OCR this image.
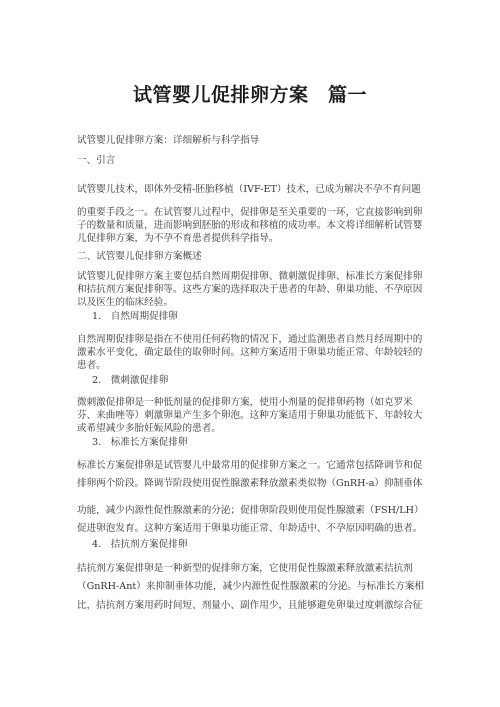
试管婴儿促排卵方案　篇一
试管婴儿促排卵方案：详细解析与科学指导
一、引言
试管婴儿技术，即体外受精-胚胎移植（IVF-ET）技术，已成为解决不孕不育问题
的重要手段之一。在试管婴儿过程中，促排卵是至关重要的一环，它直接影响到卵
子的数量和质量，进而影响到胚胎的形成和移植的成功率。本文将详细解析试管婴
儿促排卵方案，为不孕不育患者提供科学指导。
二、试管婴儿促排卵方案概述
试管婴儿促排卵方案主要包括自然周期促排卵、微刺激促排卵、标准长方案促排卵
和拮抗剂方案促排卵等。这些方案的选择取决于患者的年龄、卵巢功能、不孕原因
以及医生的临床经验。
1.　自然周期促排卵
自然周期促排卵是指在不使用任何药物的情况下，通过监测患者自然月经周期中的
激素水平变化，确定最佳的取卵时间。这种方案适用于卵巢功能正常、年龄较轻的
患者。
2.　微刺激促排卵
微刺激促排卵是一种低剂量的促排卵方案，使用小剂量的促排卵药物（如克罗米
芬、来曲唑等）刺激卵巢产生多个卵泡。这种方案适用于卵巢功能低下、年龄较大
或希望减少多胎妊娠风险的患者。
3.　标准长方案促排卵
标准长方案促排卵是试管婴儿中最常用的促排卵方案之一。它通常包括降调节和促
排卵两个阶段。降调节阶段使用促性腺激素释放激素类似物（GnRH-a）抑制垂体
功能，减少内源性促性腺激素的分泌；促排卵阶段则使用促性腺激素（FSH/LH）
促进卵泡发育。这种方案适用于卵巢功能正常、年龄适中、不孕原因明确的患者。
4.　拮抗剂方案促排卵
拮抗剂方案促排卵是一种新型的促排卵方案，它使用促性腺激素释放激素拮抗剂
（GnRH-Ant）来抑制垂体功能，减少内源性促性腺激素的分泌。与标准长方案相
比，拮抗剂方案用药时间短、剂量小、副作用少，且能够避免卵巢过度刺激综合征
